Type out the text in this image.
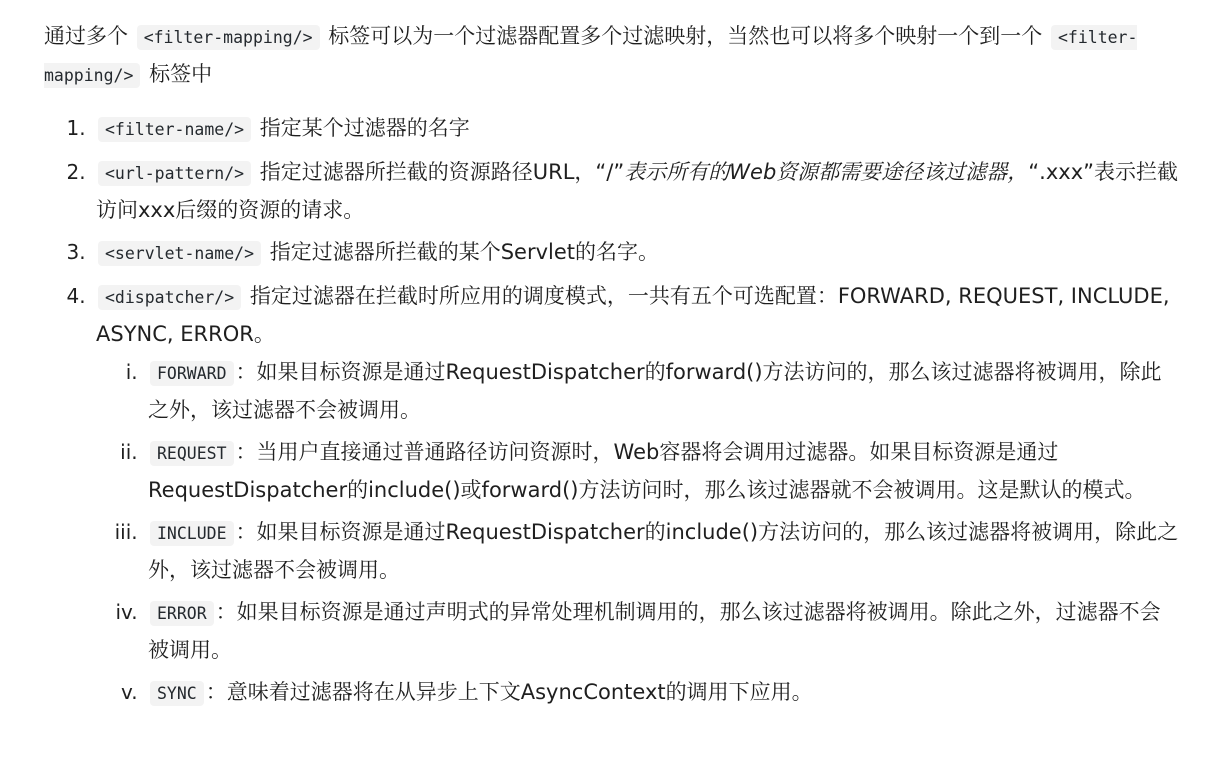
通过多个 <filter-mapping/> 标签可以为一个过滤器配置多个过滤映射，当然也可以将多个映射一个到一个 <filter-mapping/> 标签中

1. <filter-name/> 指定某个过滤器的名字
2. <url-pattern/> 指定过滤器所拦截的资源路径URL，“/”表示所有的Web资源都需要途径该过滤器，“.xxx”表示拦截访问xxx后缀的资源的请求。
3. <servlet-name/> 指定过滤器所拦截的某个Servlet的名字。
4. <dispatcher/> 指定过滤器在拦截时所应用的调度模式，一共有五个可选配置：FORWARD, REQUEST, INCLUDE, ASYNC, ERROR。
i. FORWARD ：如果目标资源是通过RequestDispatcher的forward()方法访问的，那么该过滤器将被调用，除此之外，该过滤器不会被调用。
ii. REQUEST ：当用户直接通过普通路径访问资源时，Web容器将会调用过滤器。如果目标资源是通过RequestDispatcher的include()或forward()方法访问时，那么该过滤器就不会被调用。这是默认的模式。
iii. INCLUDE ：如果目标资源是通过RequestDispatcher的include()方法访问的，那么该过滤器将被调用，除此之外，该过滤器不会被调用。
iv. ERROR ：如果目标资源是通过声明式的异常处理机制调用的，那么该过滤器将被调用。除此之外，过滤器不会被调用。
v. SYNC ：意味着过滤器将在从异步上下文AsyncContext的调用下应用。
